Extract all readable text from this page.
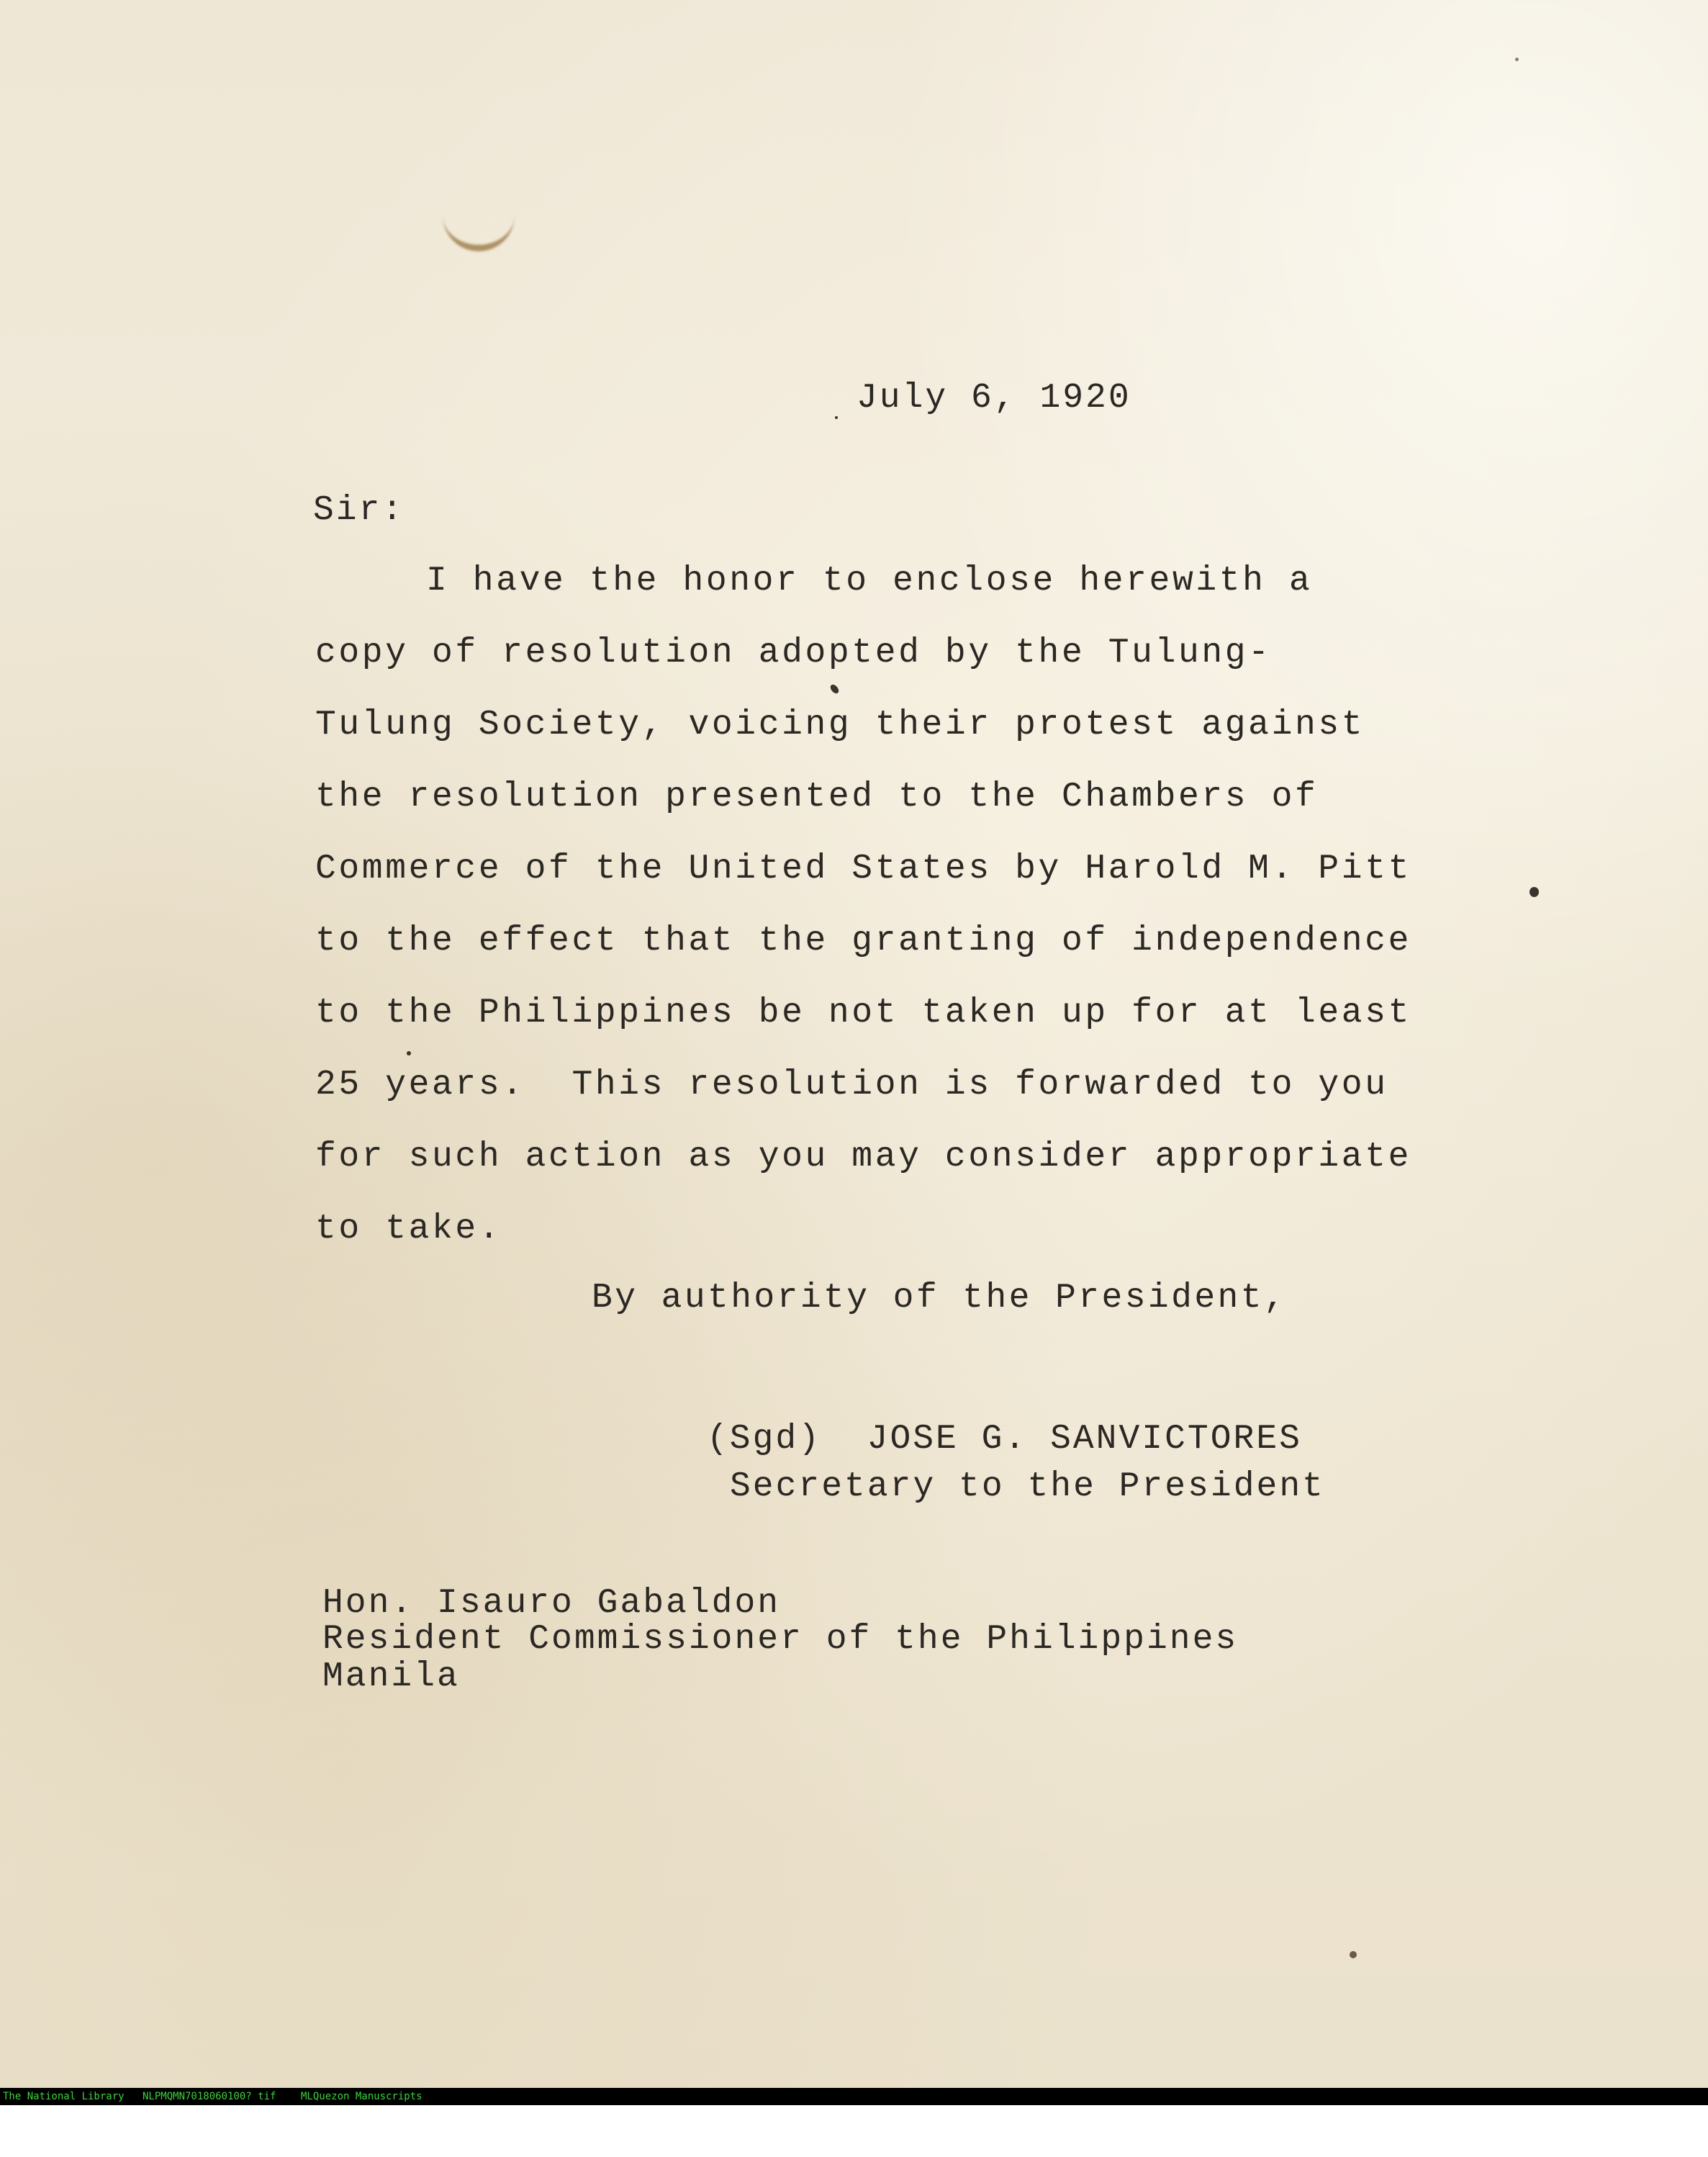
July 6, 1920

Sir:

I have the honor to enclose herewith a

copy of resolution adopted by the Tulung-

Tulung Society, voicing their protest against

the resolution presented to the Chambers of

Commerce of the United States by Harold M. Pitt

to the effect that the granting of independence

to the Philippines be not taken up for at least

25 years.  This resolution is forwarded to you

for such action as you may consider appropriate

to take.

By authority of the President,

(Sgd)  JOSE G. SANVICTORES

Secretary to the President

Hon. Isauro Gabaldon

Resident Commissioner of the Philippines

Manila

The National Library

NLPMQMN7018060100? tif

MLQuezon Manuscripts
